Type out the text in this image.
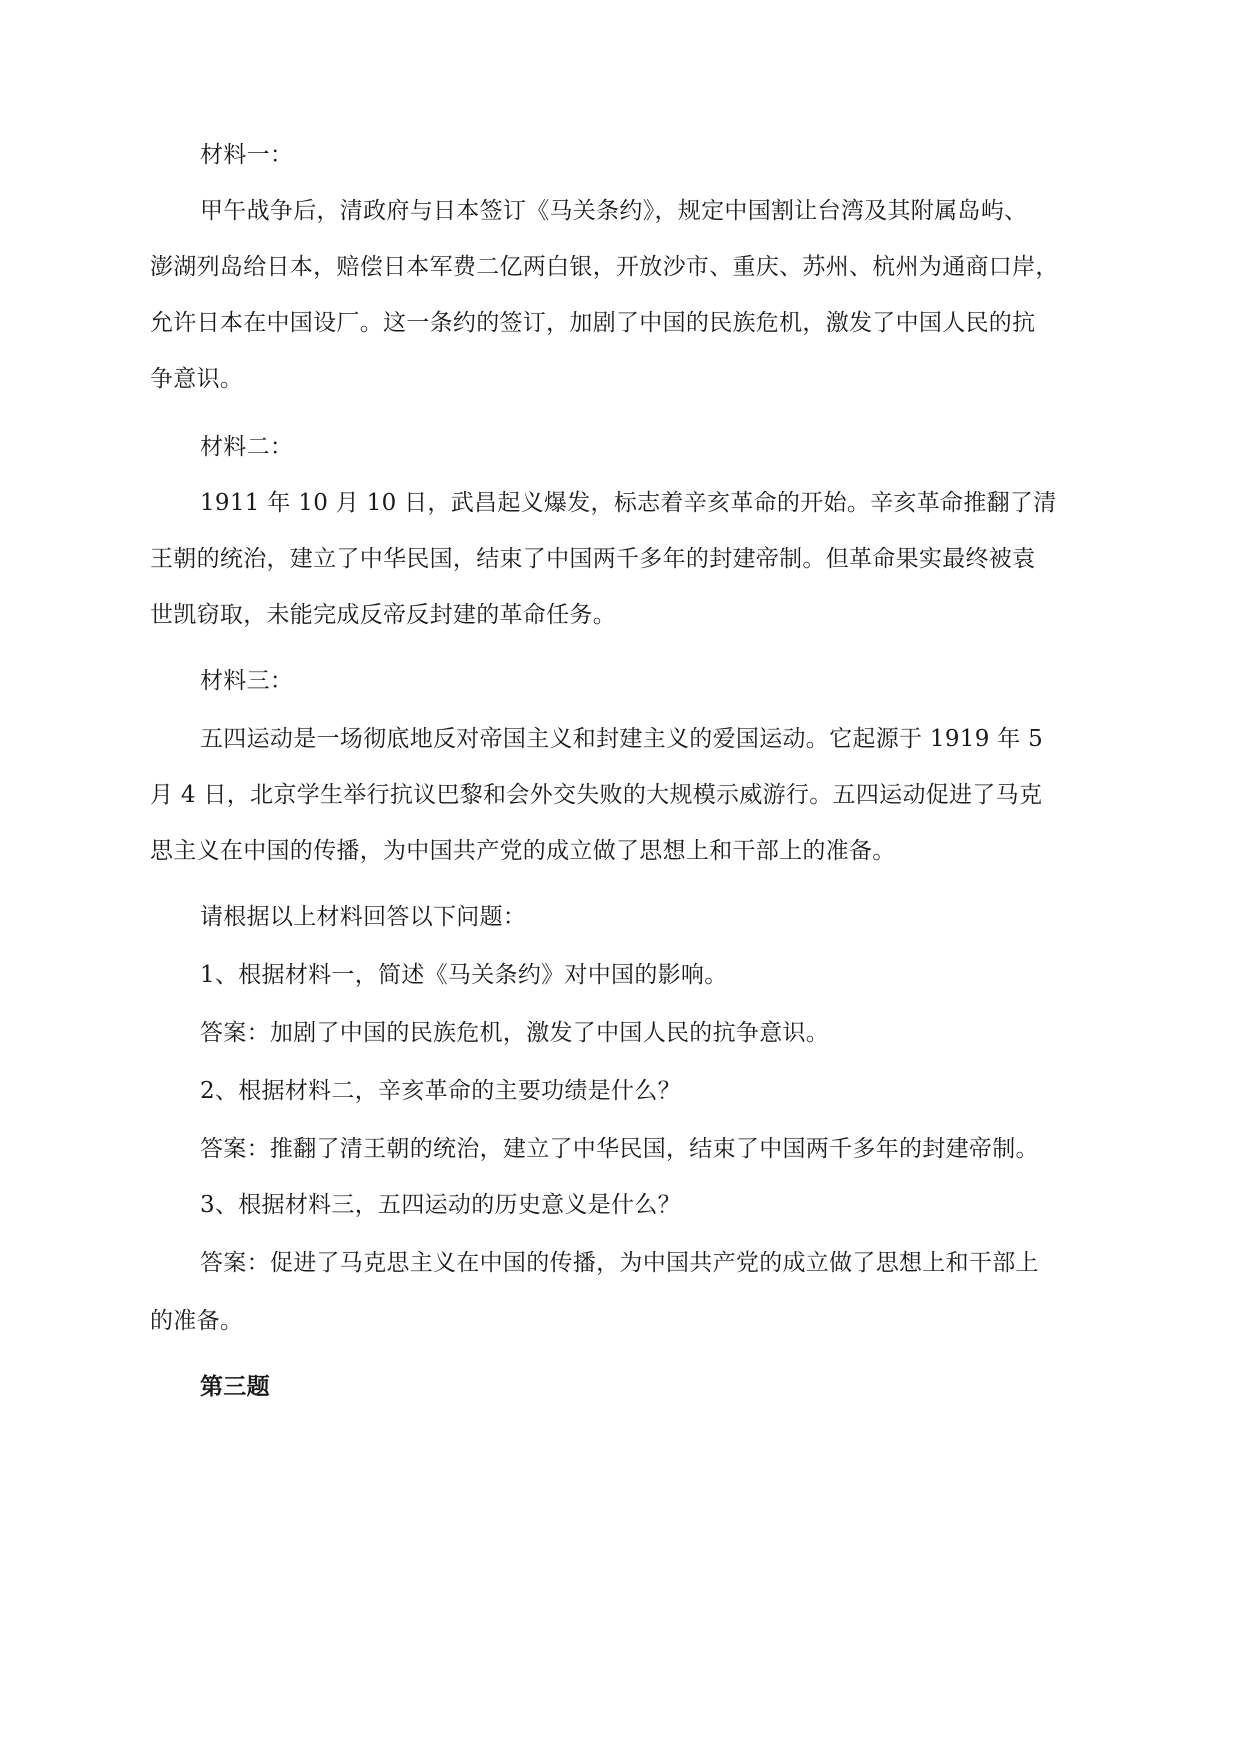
材料一：
甲午战争后，清政府与日本签订《马关条约》，规定中国割让台湾及其附属岛屿、
澎湖列岛给日本，赔偿日本军费二亿两白银，开放沙市、重庆、苏州、杭州为通商口岸，
允许日本在中国设厂。这一条约的签订，加剧了中国的民族危机，激发了中国人民的抗
争意识。
材料二：
1911 年 10 月 10 日，武昌起义爆发，标志着辛亥革命的开始。辛亥革命推翻了清
王朝的统治，建立了中华民国，结束了中国两千多年的封建帝制。但革命果实最终被袁
世凯窃取，未能完成反帝反封建的革命任务。
材料三：
五四运动是一场彻底地反对帝国主义和封建主义的爱国运动。它起源于 1919 年 5
月 4 日，北京学生举行抗议巴黎和会外交失败的大规模示威游行。五四运动促进了马克
思主义在中国的传播，为中国共产党的成立做了思想上和干部上的准备。
请根据以上材料回答以下问题：
1、根据材料一，简述《马关条约》对中国的影响。
答案：加剧了中国的民族危机，激发了中国人民的抗争意识。
2、根据材料二，辛亥革命的主要功绩是什么？
答案：推翻了清王朝的统治，建立了中华民国，结束了中国两千多年的封建帝制。
3、根据材料三，五四运动的历史意义是什么？
答案：促进了马克思主义在中国的传播，为中国共产党的成立做了思想上和干部上
的准备。
第三题
